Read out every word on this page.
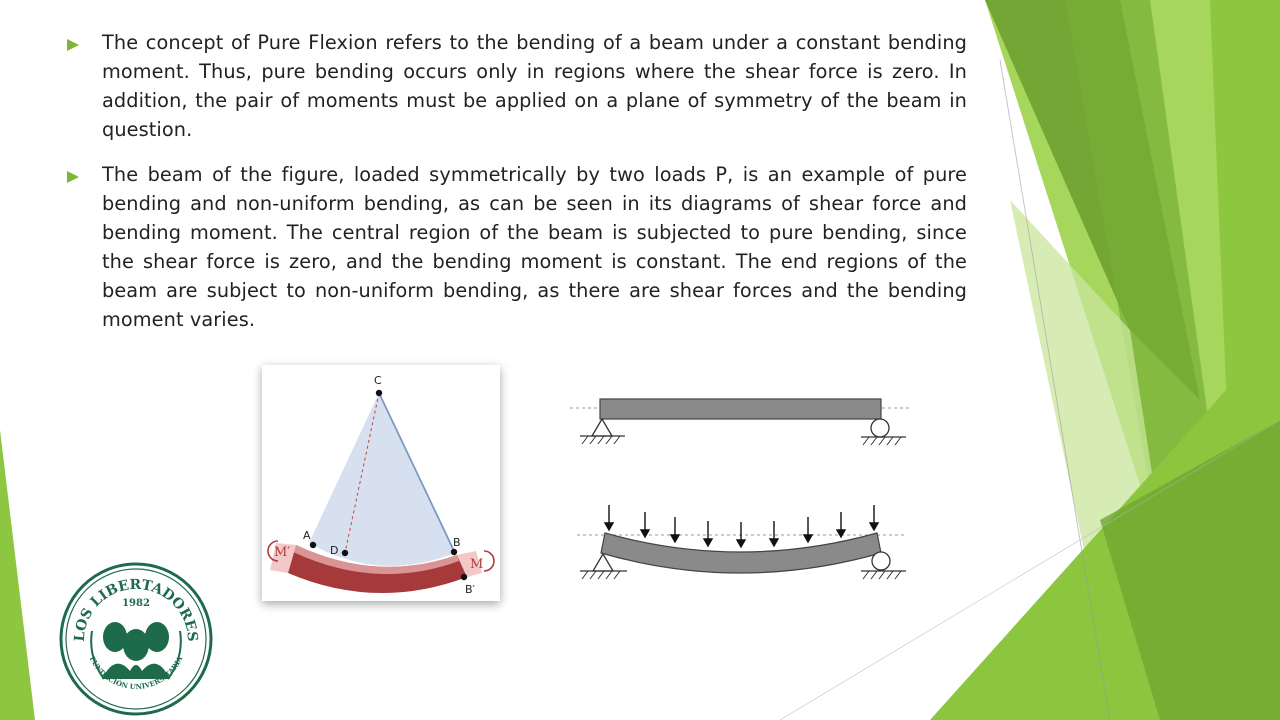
The concept of Pure Flexion refers to the bending of a beam under a constant bending moment. Thus, pure bending occurs only in regions where the shear force is zero. In addition, the pair of moments must be applied on a plane of symmetry of the beam in question.
The beam of the figure, loaded symmetrically by two loads P, is an example of pure bending and non-uniform bending, as can be seen in its diagrams of shear force and bending moment. The central region of the beam is subjected to pure bending, since the shear force is zero, and the bending moment is constant. The end regions of the beam are subject to non-uniform bending, as there are shear forces and the bending moment varies.
C
A
D
B
B′
M′
M
LOS LIBERTADORES
1982
FUNDACIÓN UNIVERSITARIA
